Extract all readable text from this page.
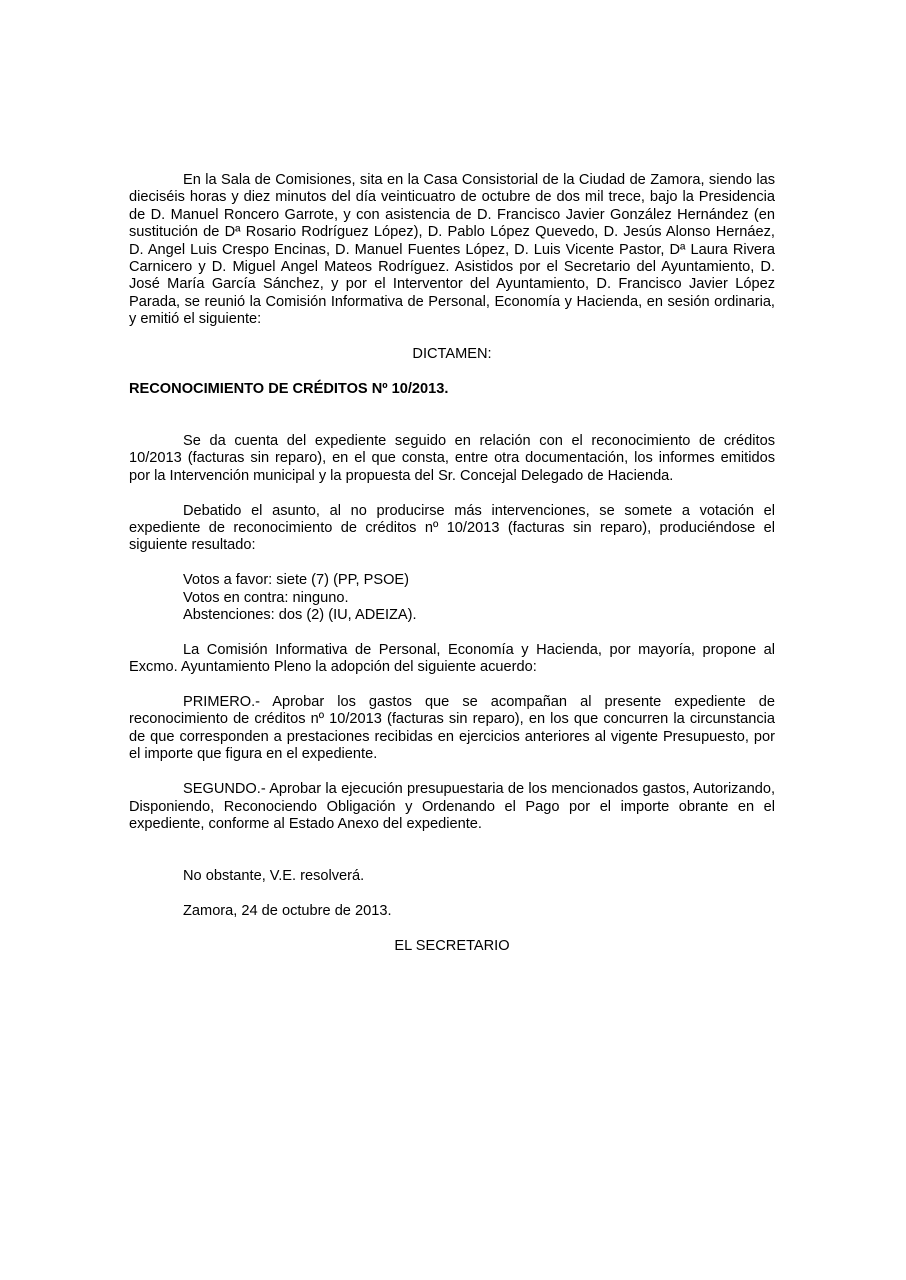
En la Sala de Comisiones, sita en la Casa Consistorial de la Ciudad de Zamora, siendo las dieciséis horas y diez minutos del día veinticuatro de octubre de dos mil trece, bajo la Presidencia de D. Manuel Roncero Garrote, y con asistencia de D. Francisco Javier González Hernández (en sustitución de Dª Rosario Rodríguez López), D. Pablo López Quevedo, D. Jesús Alonso Hernáez, D. Angel Luis Crespo Encinas, D. Manuel Fuentes López, D. Luis Vicente Pastor, Dª Laura Rivera Carnicero y D. Miguel Angel Mateos Rodríguez. Asistidos por el Secretario del Ayuntamiento, D. José María García Sánchez, y por el Interventor del Ayuntamiento, D. Francisco Javier López Parada, se reunió la Comisión Informativa de Personal, Economía y Hacienda, en sesión ordinaria, y emitió el siguiente:

DICTAMEN:

RECONOCIMIENTO DE CRÉDITOS Nº 10/2013.

Se da cuenta del expediente seguido en relación con el reconocimiento de créditos 10/2013 (facturas sin reparo), en el que consta, entre otra documentación, los informes emitidos por la Intervención municipal y la propuesta del Sr. Concejal Delegado de Hacienda.

Debatido el asunto, al no producirse más intervenciones, se somete a votación el expediente de reconocimiento de créditos nº 10/2013 (facturas sin reparo), produciéndose el siguiente resultado:

Votos a favor: siete (7) (PP, PSOE)
Votos en contra: ninguno.
Abstenciones: dos (2) (IU, ADEIZA).

La Comisión Informativa de Personal, Economía y Hacienda, por mayoría, propone al Excmo. Ayuntamiento Pleno la adopción del siguiente acuerdo:

PRIMERO.- Aprobar los gastos que se acompañan al presente expediente de reconocimiento de créditos nº 10/2013 (facturas sin reparo), en los que concurren la circunstancia de que corresponden a prestaciones recibidas en ejercicios anteriores al vigente Presupuesto, por el importe que figura en el expediente.

SEGUNDO.- Aprobar la ejecución presupuestaria de los mencionados gastos, Autorizando, Disponiendo, Reconociendo Obligación y Ordenando el Pago por el importe obrante en el expediente, conforme al Estado Anexo del expediente.

No obstante, V.E. resolverá.

Zamora, 24 de octubre de 2013.

EL SECRETARIO
